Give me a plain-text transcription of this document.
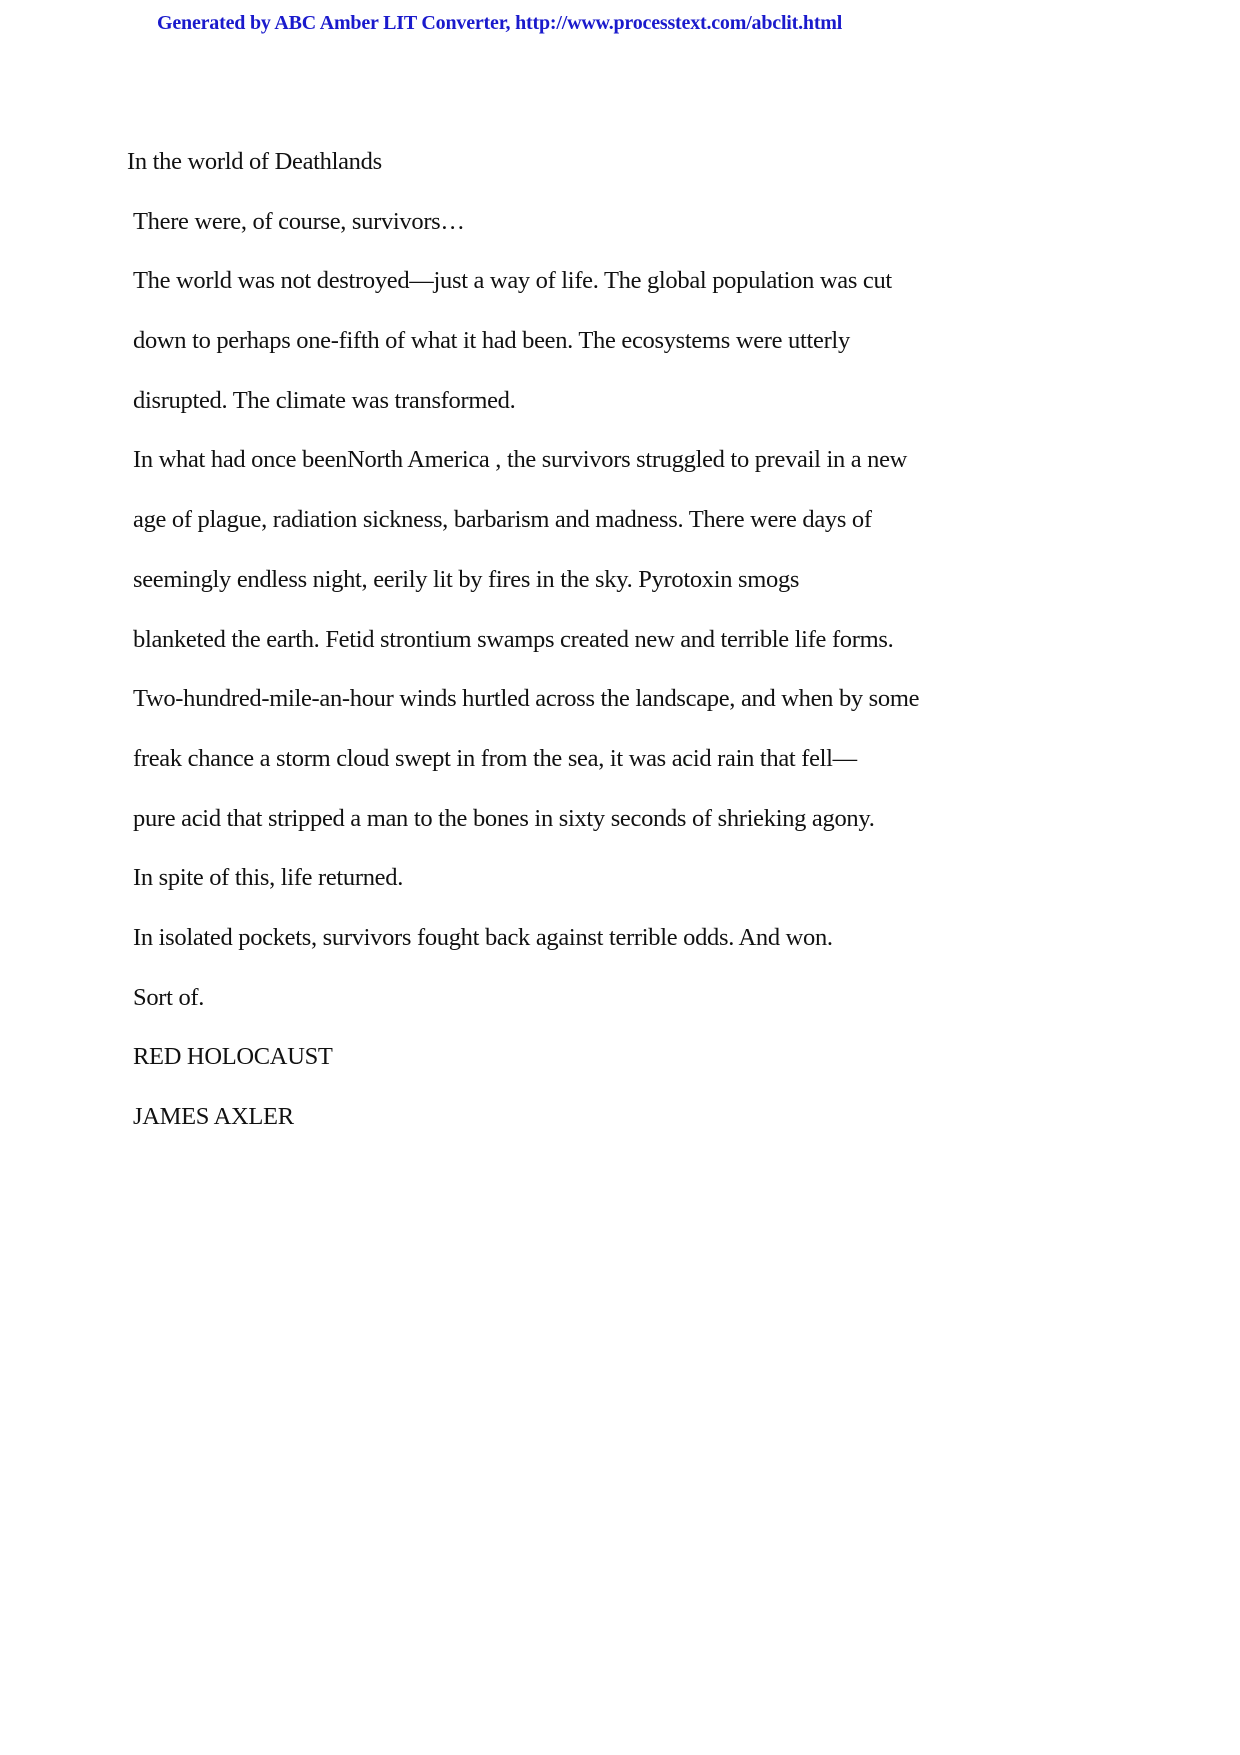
Generated by ABC Amber LIT Converter, http://www.processtext.com/abclit.html
In the world of Deathlands
There were, of course, survivors…
The world was not destroyed—just a way of life. The global population was cut
down to perhaps one-fifth of what it had been. The ecosystems were utterly
disrupted. The climate was transformed.
In what had once beenNorth America , the survivors struggled to prevail in a new
age of plague, radiation sickness, barbarism and madness. There were days of
seemingly endless night, eerily lit by fires in the sky. Pyrotoxin smogs
blanketed the earth. Fetid strontium swamps created new and terrible life forms.
Two-hundred-mile-an-hour winds hurtled across the landscape, and when by some
freak chance a storm cloud swept in from the sea, it was acid rain that fell—
pure acid that stripped a man to the bones in sixty seconds of shrieking agony.
In spite of this, life returned.
In isolated pockets, survivors fought back against terrible odds. And won.
Sort of.
RED HOLOCAUST
JAMES AXLER
